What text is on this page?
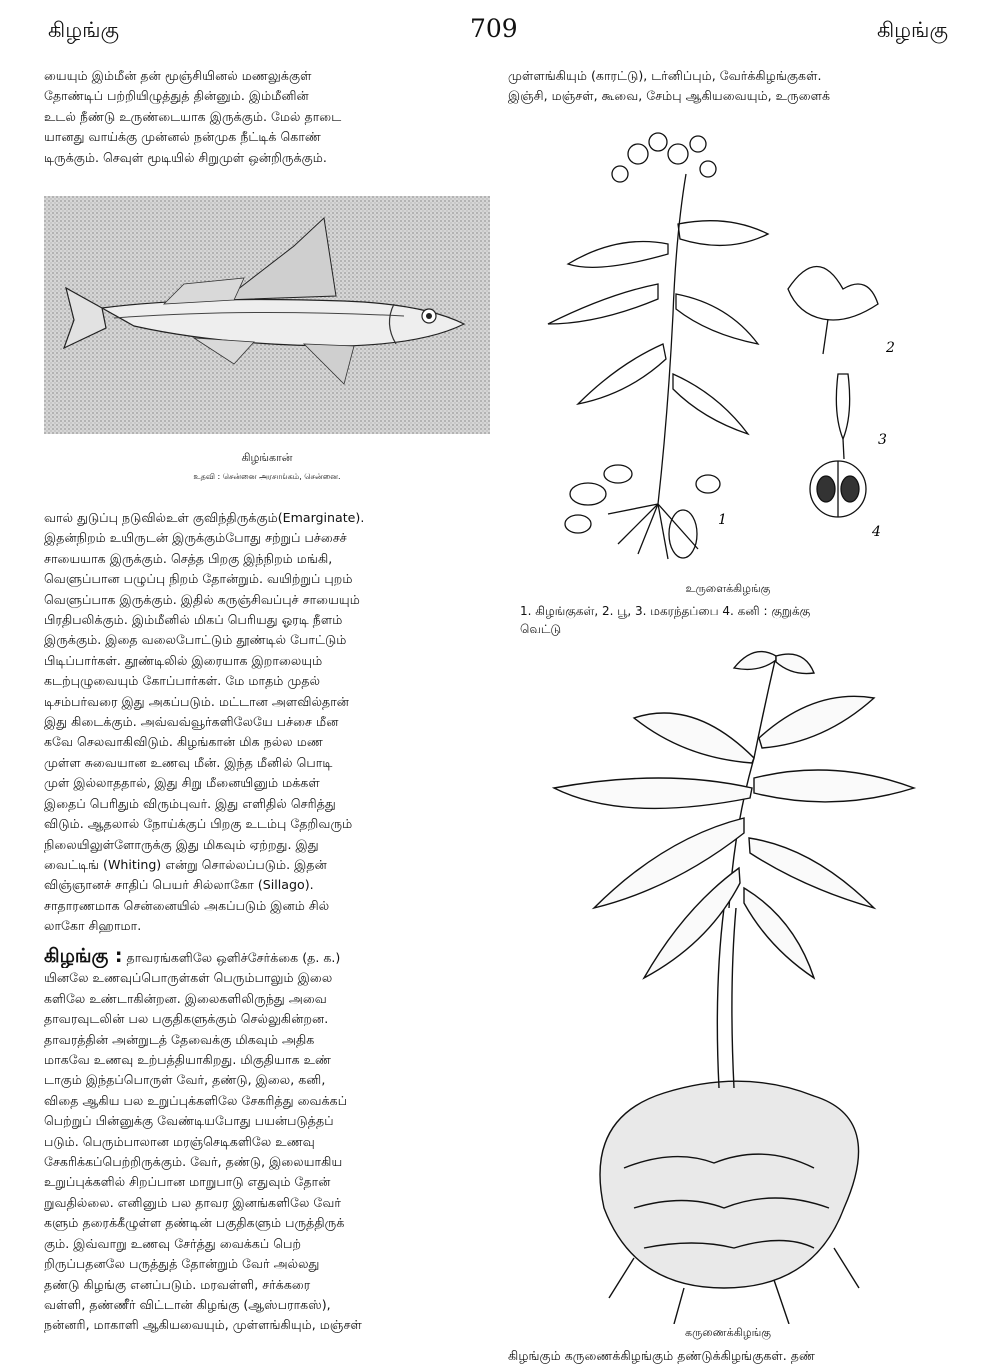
கிழங்கு	709	கிழங்கு

யையும் இம்மீன் தன் மூஞ்சியினல் மணலுக்குள்
தோண்டிப் பற்றியிழுத்துத் தின்னும். இம்மீனின்
உடல் நீண்டு உருண்டையாக இருக்கும். மேல் தாடை
யானது வாய்க்கு முன்னல் நன்முக நீட்டிக் கொண்
டிருக்கும். செவுள் மூடியில் சிறுமுள் ஒன்றிருக்கும்.

கிழங்கான்
உதவி : சென்னை அரசாங்கம், சென்னை.

வால் துடுப்பு நடுவில்உள் குவிந்திருக்கும்(Emarginate).
இதன்நிறம் உயிருடன் இருக்கும்போது சற்றுப் பச்சைச்
சாயையாக இருக்கும். செத்த பிறகு இந்நிறம் மங்கி,
வெளுப்பான பழுப்பு நிறம் தோன்றும். வயிற்றுப் புறம்
வெளுப்பாக இருக்கும். இதில் கருஞ்சிவப்புச் சாயையும்
பிரதிபலிக்கும். இம்மீனில் மிகப் பெரியது ஓரடி நீளம்
இருக்கும். இதை வலைபோட்டும் தூண்டில் போட்டும்
பிடிப்பார்கள். தூண்டிலில் இரையாக இறாலையும்
கடற்புழுவையும் கோப்பார்கள். மே மாதம் முதல்
டிசம்பர்வரை இது அகப்படும். மட்டான அளவில்தான்
இது கிடைக்கும். அவ்வவ்வூர்களிலேயே பச்சை மீன
கவே செலவாகிவிடும். கிழங்கான் மிக நல்ல மண
முள்ள சுவையான உணவு மீன். இந்த மீனில் பொடி
முள் இல்லாததால், இது சிறு மீனையினும் மக்கள்
இதைப் பெரிதும் விரும்புவர். இது எளிதில் செரித்து
விடும். ஆதலால் நோய்க்குப் பிறகு உடம்பு தேறிவரும்
நிலையிலுள்ளோருக்கு இது மிகவும் ஏற்றது. இது
வைட்டிங் (Whiting) என்று சொல்லப்படும். இதன்
விஞ்ஞானச் சாதிப் பெயர் சில்லாகோ (Sillago).
சாதாரணமாக சென்னையில் அகப்படும் இனம் சில்
லாகோ சிஹாமா.

கிழங்கு : தாவரங்களிலே ஒளிச்சேர்க்கை (த. க.)
யினலே உணவுப்பொருள்கள் பெரும்பாலும் இலை
களிலே உண்டாகின்றன. இலைகளிலிருந்து அவை
தாவரவுடலின் பல பகுதிகளுக்கும் செல்லுகின்றன.
தாவரத்தின் அன்றுடத் தேவைக்கு மிகவும் அதிக
மாகவே உணவு உற்பத்தியாகிறது. மிகுதியாக உண்
டாகும் இந்தப்பொருள் வேர், தண்டு, இலை, கனி,
விதை ஆகிய பல உறுப்புக்களிலே சேகரித்து வைக்கப்
பெற்றுப் பின்னுக்கு வேண்டியபோது பயன்படுத்தப்
படும். பெரும்பாலான மரஞ்செடிகளிலே உணவு
சேகரிக்கப்பெற்றிருக்கும். வேர், தண்டு, இலையாகிய
உறுப்புக்களில் சிறப்பான மாறுபாடு எதுவும் தோன்
றுவதில்லை. எனினும் பல தாவர இனங்களிலே வேர்
களும் தரைக்கீழுள்ள தண்டின் பகுதிகளும் பருத்திருக்
கும். இவ்வாறு உணவு சேர்த்து வைக்கப் பெற்
றிருப்பதனலே பருத்துத் தோன்றும் வேர் அல்லது
தண்டு கிழங்கு எனப்படும். மரவள்ளி, சர்க்கரை
வள்ளி, தண்ணீர் விட்டான் கிழங்கு (ஆஸ்பராகஸ்),
நன்னரி, மாகாளி ஆகியவையும், முள்ளங்கியும், மஞ்சள்

முள்ளங்கியும் (காரட்டு), டர்னிப்பும், வேர்க்கிழங்குகள்.
இஞ்சி, மஞ்சள், கூவை, சேம்பு ஆகியவையும், உருளைக்

1
2
3
4
உருளைக்கிழங்கு
1. கிழங்குகள், 2. பூ, 3. மகரந்தப்பை 4. கனி : குறுக்கு
வெட்டு
கருணைக்கிழங்கு

கிழங்கும் கருணைக்கிழங்கும் தண்டுக்கிழங்குகள். தண்
